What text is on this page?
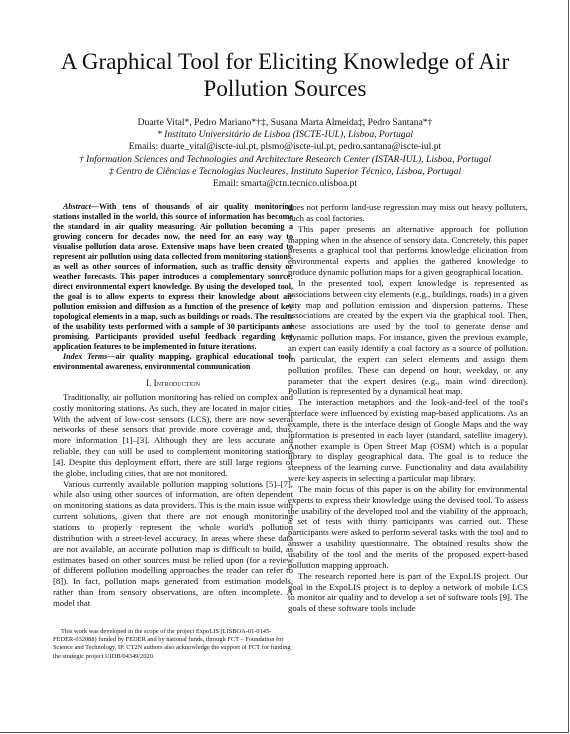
A Graphical Tool for Eliciting Knowledge of Air Pollution Sources
Duarte Vital*, Pedro Mariano*†‡, Susana Marta Almeida‡, Pedro Santana*†
* Instituto Universitário de Lisboa (ISCTE-IUL), Lisboa, Portugal
Emails: duarte_vital@iscte-iul.pt, plsmo@iscte-iul.pt, pedro.santana@iscte-iul.pt
† Information Sciences and Technologies and Architecture Research Center (ISTAR-IUL), Lisboa, Portugal
‡ Centro de Ciências e Tecnologias Nucleares, Instituto Superior Técnico, Lisboa, Portugal
Email: smarta@ctn.tecnico.ulisboa.pt

Abstract—With tens of thousands of air quality monitoring stations installed in the world, this source of information has become the standard in air quality measuring. Air pollution becoming a growing concern for decades now, the need for an easy way to visualise pollution data arose. Extensive maps have been created to represent air pollution using data collected from monitoring stations, as well as other sources of information, such as traffic density or weather forecasts. This paper introduces a complementary source: direct environmental expert knowledge. By using the developed tool, the goal is to allow experts to express their knowledge about air pollution emission and diffusion as a function of the presence of key topological elements in a map, such as buildings or roads. The results of the usability tests performed with a sample of 30 participants are promising. Participants provided useful feedback regarding key application features to be implemented in future iterations.

Index Terms—air quality mapping, graphical educational tool, environmental awareness, environmental communication

I. Introduction

Traditionally, air pollution monitoring has relied on complex and costly monitoring stations. As such, they are located in major cities. With the advent of low-cost sensors (LCS), there are now several networks of these sensors that provide more coverage and, thus, more information [1]–[3]. Although they are less accurate and reliable, they can still be used to complement monitoring stations [4]. Despite this deployment effort, there are still large regions of the globe, including cities, that are not monitored.

Various currently available pollution mapping solutions [5]–[7], while also using other sources of information, are often dependent on monitoring stations as data providers. This is the main issue with current solutions, given that there are not enough monitoring stations to properly represent the whole world's pollution distribution with a street-level accuracy. In areas where these data are not available, an accurate pollution map is difficult to build, as estimates based on other sources must be relied upon (for a review of different pollution modelling approaches the reader can refer to [8]). In fact, pollution maps generated from estimation models, rather than from sensory observations, are often incomplete. A model that

This work was developed in the scope of the project ExpoLIS (LISBOA-01-0145-FEDER-032088) funded by FEDER and by national funds, through FCT – Foundation for Science and Technology, IP. CT2N authors also acknowledge the support of FCT for funding the strategic project UIDB/04349/2020.

does not perform land-use regression may miss out heavy polluters, such as coal factories.

This paper presents an alternative approach for pollution mapping when in the absence of sensory data. Concretely, this paper presents a graphical tool that performs knowledge elicitation from environmental experts and applies the gathered knowledge to produce dynamic pollution maps for a given geographical location.

In the presented tool, expert knowledge is represented as associations between city elements (e.g., buildings, roads) in a given city map and pollution emission and dispersion patterns. These associations are created by the expert via the graphical tool. Then, these associations are used by the tool to generate dense and dynamic pollution maps. For instance, given the previous example, an expert can easily identify a coal factory as a source of pollution. In particular, the expert can select elements and assign them pollution profiles. These can depend on hour, weekday, or any parameter that the expert desires (e.g., main wind direction). Pollution is represented by a dynamical heat map.

The interaction metaphors and the look-and-feel of the tool's interface were influenced by existing map-based applications. As an example, there is the interface design of Google Maps and the way information is presented in each layer (standard, satellite imagery). Another example is Open Street Map (OSM) which is a popular library to display geographical data. The goal is to reduce the steepness of the learning curve. Functionality and data availability were key aspects in selecting a particular map library.

The main focus of this paper is on the ability for environmental experts to express their knowledge using the devised tool. To assess the usability of the developed tool and the viability of the approach, a set of tests with thirty participants was carried out. These participants were asked to perform several tasks with the tool and to answer a usability questionnaire. The obtained results show the usability of the tool and the merits of the proposed expert-based pollution mapping approach.

The research reported here is part of the ExpoLIS project. Our goal in the ExpoLIS project is to deploy a network of mobile LCS to monitor air quality and to develop a set of software tools [9]. The goals of these software tools include
